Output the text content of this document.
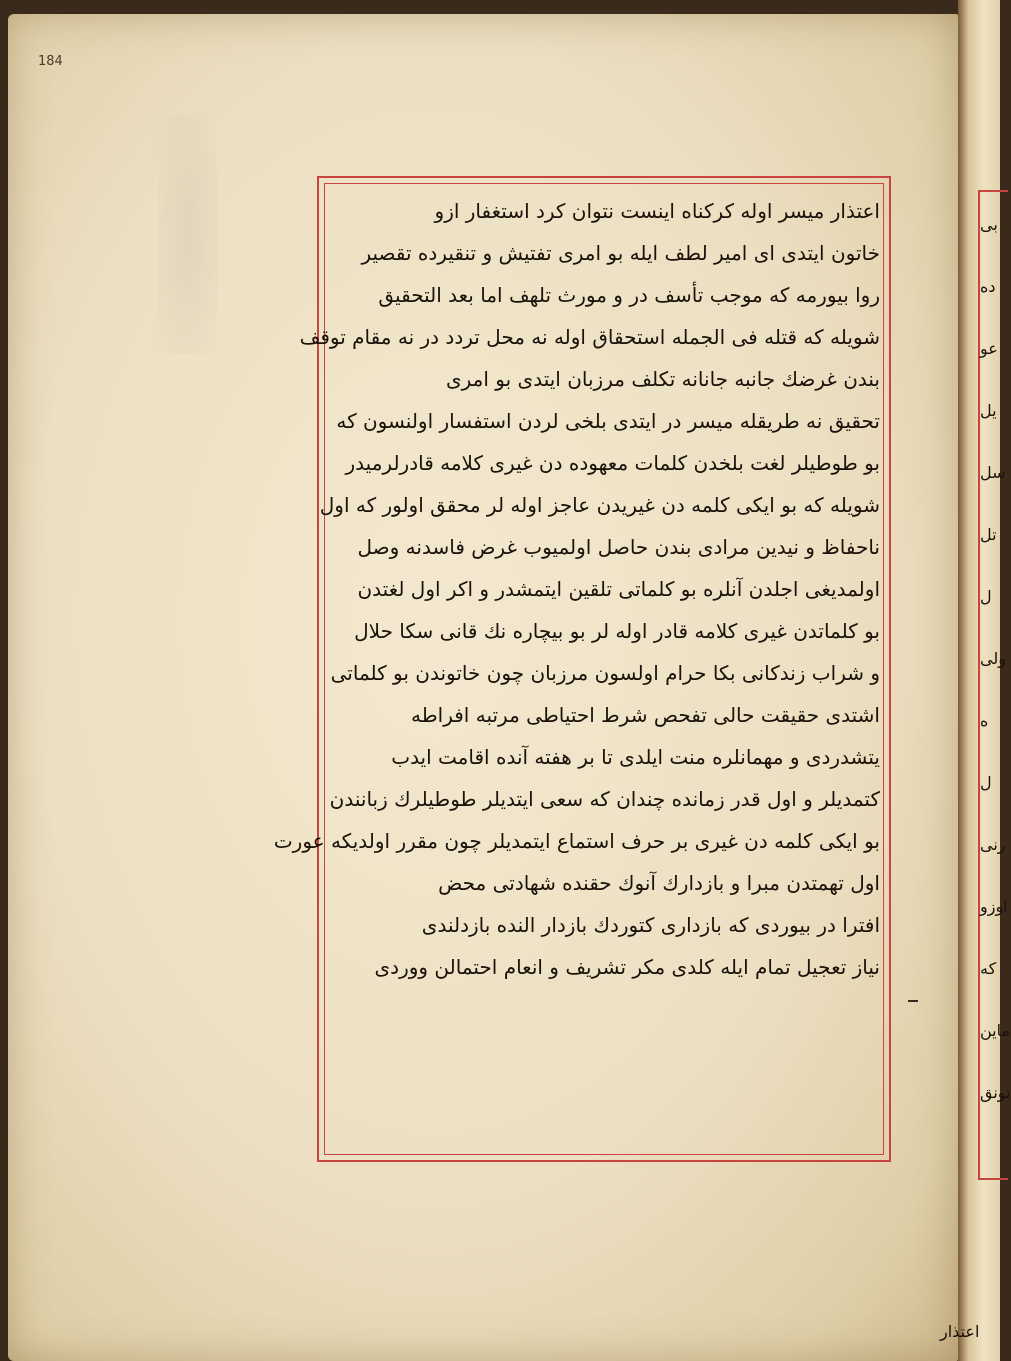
184

اعتذار میسر اوله کرکناه اینست نتوان کرد استغفار ازو

خاتون ایتدی ای امیر لطف ایله بو امری تفتیش و تنقیرده تقصیر

روا بیورمه که موجب تأسف در و مورث تلهف اما بعد التحقیق

شویله که قتله فی الجمله استحقاق اوله نه محل تردد در نه مقام توقف

بندن غرضك جانبه جانانه تکلف مرزبان ایتدی بو امری

تحقیق نه طریقله میسر در ایتدی بلخی لردن استفسار اولنسون که

بو طوطیلر لغت بلخدن کلمات معهوده دن غیری کلامه قادرلرمیدر

شویله که بو ایکی کلمه دن غیریدن عاجز اوله لر محقق اولور که اول

ناحفاظ و نیدین مرادی بندن حاصل اولمیوب غرض فاسدنه وصل

اولمدیغی اجلدن آنلره بو کلماتی تلقین ایتمشدر و اکر اول لغتدن

بو کلماتدن غیری کلامه قادر اوله لر بو بیچاره نك قانی سکا حلال

و شراب زندکانی بکا حرام اولسون مرزبان چون خاتوندن بو کلماتی

اشتدی حقیقت حالی تفحص شرط احتیاطی مرتبه افراطه

یتشدردی و مهمانلره منت ایلدی تا بر هفته آنده اقامت ایدب

کتمدیلر و اول قدر زمانده چندان که سعی ایتدیلر طوطیلرك زبانندن

بو ایکی کلمه دن غیری بر حرف استماع ایتمدیلر چون مقرر اولدیکه عورت

اول تهمتدن مبرا و بازدارك آنوك حقنده شهادتی محض

افترا در بیوردی که بازداری کتوردك بازدار النده بازدلندی

نیاز تعجیل تمام ایله کلدی مکر تشریف و انعام احتمالن ووردی

بی
ده
عو
یل
سل
تل
ل
ولی
ه
ل
رنی
اوزو
که
ماین
تونق
اعتذار
